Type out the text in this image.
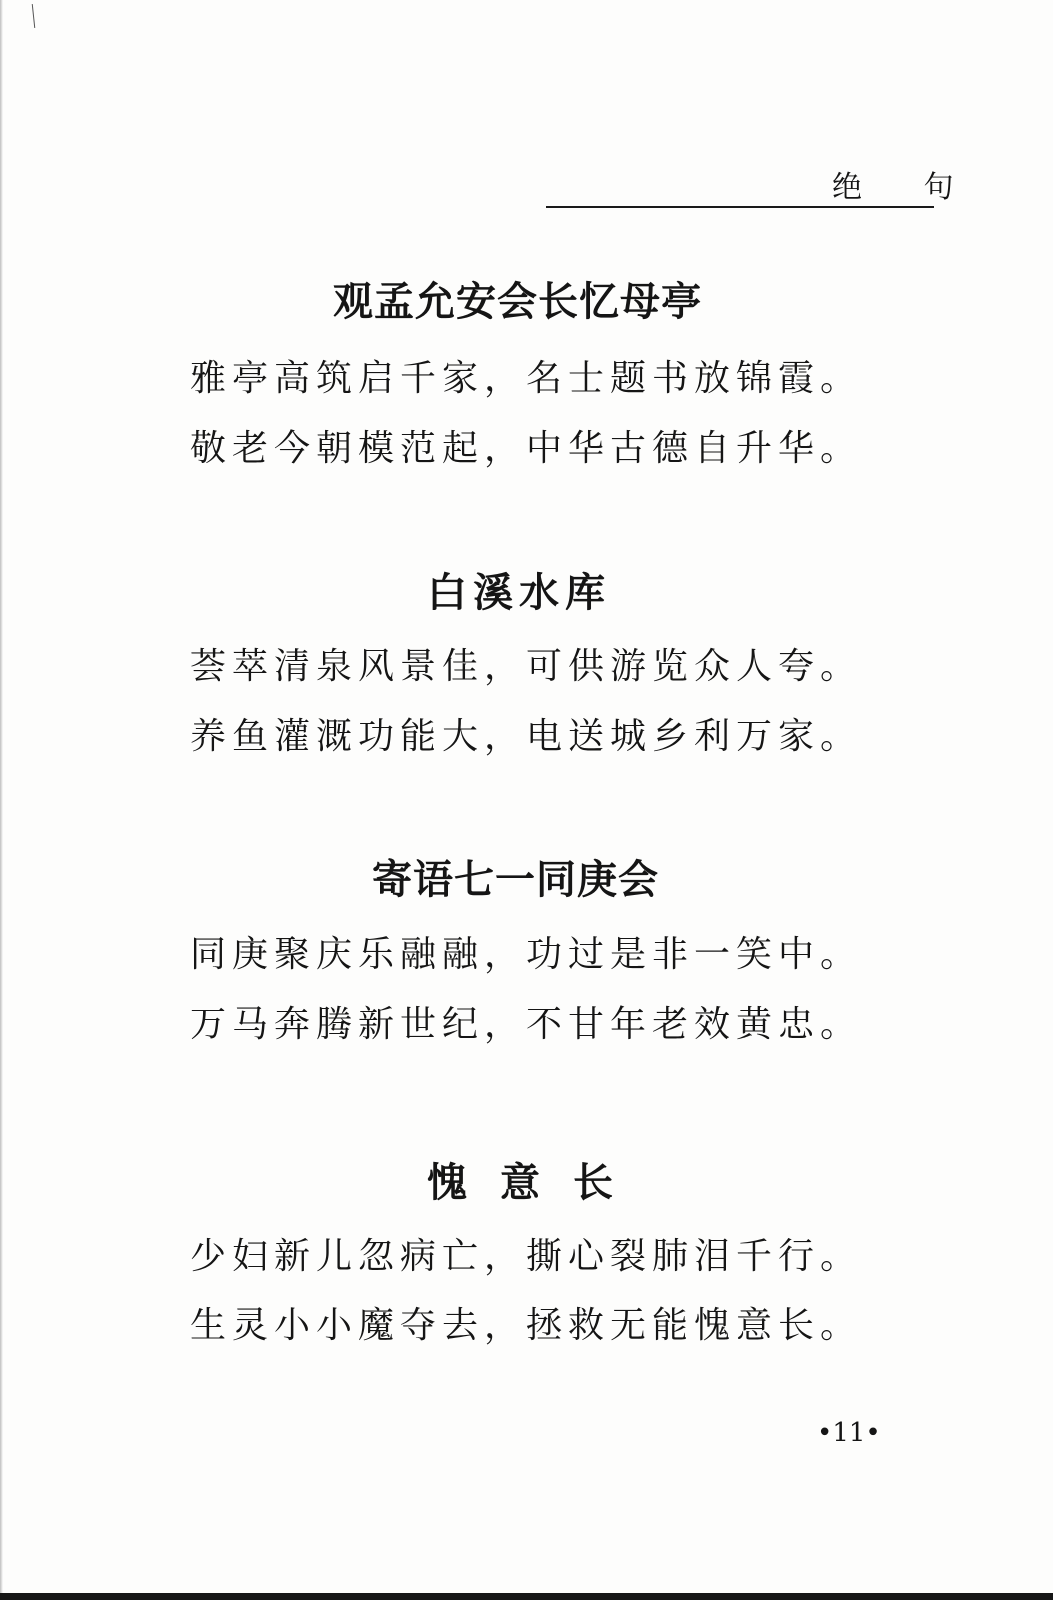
绝 句
观孟允安会长忆母亭
雅亭高筑启千家，名士题书放锦霞。
敬老今朝模范起，中华古德自升华。
白溪水库
荟萃清泉风景佳，可供游览众人夸。
养鱼灌溉功能大，电送城乡利万家。
寄语七一同庚会
同庚聚庆乐融融，功过是非一笑中。
万马奔腾新世纪，不甘年老效黄忠。
愧意长
少妇新儿忽病亡，撕心裂肺泪千行。
生灵小小魔夺去，拯救无能愧意长。
•11•
